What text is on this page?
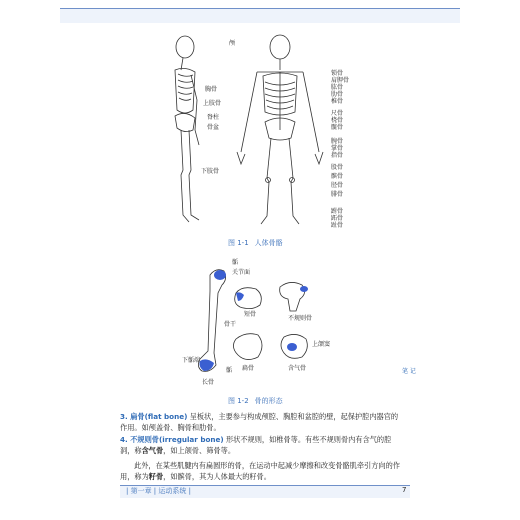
颅
胸骨
上肢骨
脊柱
骨盆
下肢骨
锁骨
肩胛骨
肱骨
肋骨
椎骨
尺骨
桡骨
髋骨
腕骨
掌骨
指骨
股骨
髌骨
胫骨
腓骨
跗骨
跖骨
趾骨
图 1-1 人体骨骼
骺
关节面
骨干
下骺端
骺
长骨
短骨
不规则骨
扁骨
上颌窦
含气骨
图 1-2 骨的形态
3. 扁骨(flat bone) 呈板状，主要参与构成颅腔、胸腔和盆腔的壁，起保护腔内器官的作用。如颅盖骨、胸骨和肋骨。
4. 不规则骨(irregular bone) 形状不规则，如椎骨等。有些不规则骨内有含气的腔洞，称含气骨，如上颌骨、筛骨等。
此外，在某些肌腱内有扁圆形的骨，在运动中起减少摩擦和改变骨骼肌牵引方向的作用，称为籽骨，如髌骨，其为人体最大的籽骨。
笔 记
| 第一章 | 运动系统 |	7
